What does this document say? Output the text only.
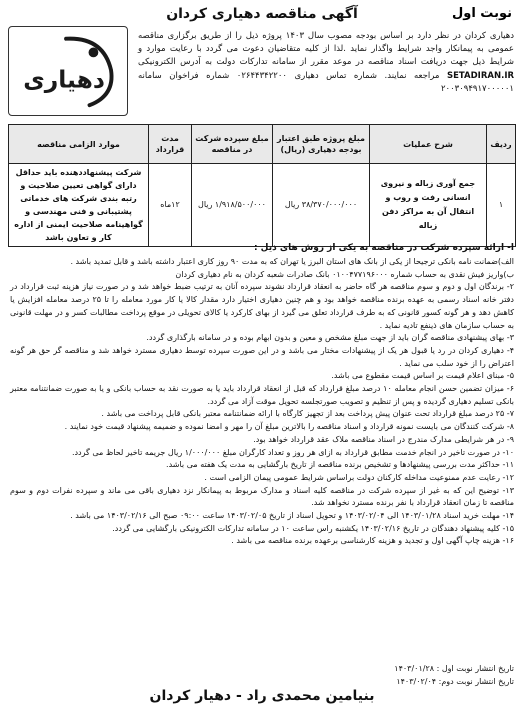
نوبت اول
آگهی مناقصه دهیاری کردان
دهیاری
دهیاری کردان در نظر دارد بر اساس بودجه مصوب سال ۱۴۰۳ پروژه ذیل را از طریق برگزاری مناقصه عمومی به پیمانکار واجد شرایط واگذار نماید .لذا از کلیه متقاضیان دعوت می گردد با رعایت موارد و شرایط ذیل جهت دریافت اسناد مناقصه در موعد مقرر از سامانه تدارکات دولت به آدرس الکترونیکی SETADIRAN.IR مراجعه نمایند. شماره تماس دهیاری ۰۲۶۴۴۳۴۲۲۰۰ شماره فراخوان سامانه ۲۰۰۳۰۹۴۹۱۷۰۰۰۰۰۱
ردیف	شرح عملیات	مبلغ پروژه طبق اعتبار بودجه دهیاری (ریال)	مبلغ سپرده شرکت در مناقصه	مدت قرارداد	موارد الزامی مناقصه
۱	جمع آوری زباله و نیروی انسانی رفت و روب و انتقال آن به مراکز دفن زباله	۳۸/۳۷۰/۰۰۰/۰۰۰ ریال	۱/۹۱۸/۵۰۰/۰۰۰ ریال	۱۲ماه	شرکت پیشنهاددهنده باید حداقل دارای گواهی تعیین صلاحیت و رتبه بندی شرکت های خدماتی پشتیبانی و فنی مهندسی و گواهینامه صلاحیت ایمنی از اداره کار و تعاون باشد
ا- ارائه سپرده شرکت در مناقصه به یکی از روش های ذیل :

الف)ضمانت نامه بانکی ترجیحا از یکی از بانک های استان البرز یا تهران که به مدت ۹۰ روز کاری اعتبار داشته باشد و قابل تمدید باشد .

ب)واریز فیش نقدی به حساب شماره ۰۱۰۰۴۷۷۱۹۶۰۰۰ بانک صادرات شعبه کردان به نام دهیاری کردان

۲- برندگان اول و دوم و سوم مناقصه هر گاه حاضر به انعقاد قرارداد نشوند سپرده آنان به ترتیب ضبط خواهد شد و در صورت نیاز هزینه ثبت قرارداد در دفتر خانه اسناد رسمی به عهده برنده مناقصه خواهد بود و هم چنین دهیاری اختیار دارد مقدار کالا یا کار مورد معامله را تا ۲۵ درصد معامله افزایش یا کاهش دهد و هر گونه کسور قانونی که به طرف قرارداد تعلق می گیرد از بهای کارکرد یا کالای تحویلی در موقع پرداخت مطالبات کسر و در مهلت قانونی به حساب سازمان های ذینفع تادیه نماید .

۳- بهای پیشنهادی مناقصه گران باید از جهت مبلغ مشخص و معین و بدون ابهام بوده و در سامانه بارگذاری گردد.

۴- دهیاری کردان در رد یا قبول هر یک از پیشنهادات مختار می باشد و در این صورت سپرده توسط دهیاری مسترد خواهد شد و مناقصه گر حق هر گونه اعتراض را از خود سلب می نماید .

۵- مبنای اعلام قیمت بر اساس قیمت مقطوع می باشد.

۶- میزان تضمین حسن انجام معامله ۱۰ درصد مبلغ قرارداد که قبل از انعقاد قرارداد باید یا به صورت نقد به حساب بانکی و یا به صورت ضمانتنامه معتبر بانکی تسلیم دهیاری گردیده و پس از تنظیم و تصویب صورتجلسه تحویل موقت آزاد می گردد.

۷- ۲۵ درصد مبلغ قرارداد تحت عنوان پیش پرداخت بعد از تجهیز کارگاه با ارائه ضمانتنامه معتبر بانکی قابل پرداخت می باشد .

۸- شرکت کنندگان می بایست نمونه قرارداد و اسناد مناقصه را بالاترین مبلغ آن را مهر و امضا نموده و ضمیمه پیشنهاد قیمت خود نمایند .

۹- در هر شرایطی مدارک مندرج در اسناد مناقصه ملاک عقد قرارداد خواهد بود.

۱۰- در صورت تاخیر در انجام خدمت مطابق قرارداد به ازای هر روز و تعداد کارگران مبلغ ۱/۰۰۰/۰۰۰ ریال جریمه تاخیر لحاظ می گردد.

۱۱- حداکثر مدت بررسی پیشنهادها و تشخیص برنده مناقصه از تاریخ بارگشایی به مدت یک هفته می باشد.

۱۲- رعایت عدم ممنوعیت مداخله کارکنان دولت براساس شرایط عمومی پیمان الزامی است .

۱۳- توضیح این که به غیر از سپرده شرکت در مناقصه کلیه اسناد و مدارک مربوط به پیمانکار نزد دهیاری باقی می ماند و سپرده نفرات دوم و سوم مناقصه تا زمان انعقاد قرارداد با نفر برنده مسترد نخواهد شد.

۱۴- مهلت خرید اسناد ۱۴۰۳/۰۱/۲۸ الی ۱۴۰۳/۰۲/۰۴ و تحویل اسناد از تاریخ ۱۴۰۳/۰۲/۰۵ ساعت ۰۹:۰۰ صبح الی ۱۴۰۳/۰۲/۱۶ می باشد .

۱۵- کلیه پیشنهاد دهندگان در تاریخ ۱۴۰۳/۰۲/۱۶ یکشنبه راس ساعت ۱۰ در سامانه تدارکات الکترونیکی بارگشایی می گردد.

۱۶- هزینه چاپ آگهی اول و تجدید و هزینه کارشناسی برعهده برنده مناقصه می باشد .

تاریخ انتشار نوبت اول : ۱۴۰۳/۰۱/۲۸

تاریخ انتشار نوبت دوم: ۱۴۰۳/۰۲/۰۴

بنیامین محمدی راد - دهیار کردان
